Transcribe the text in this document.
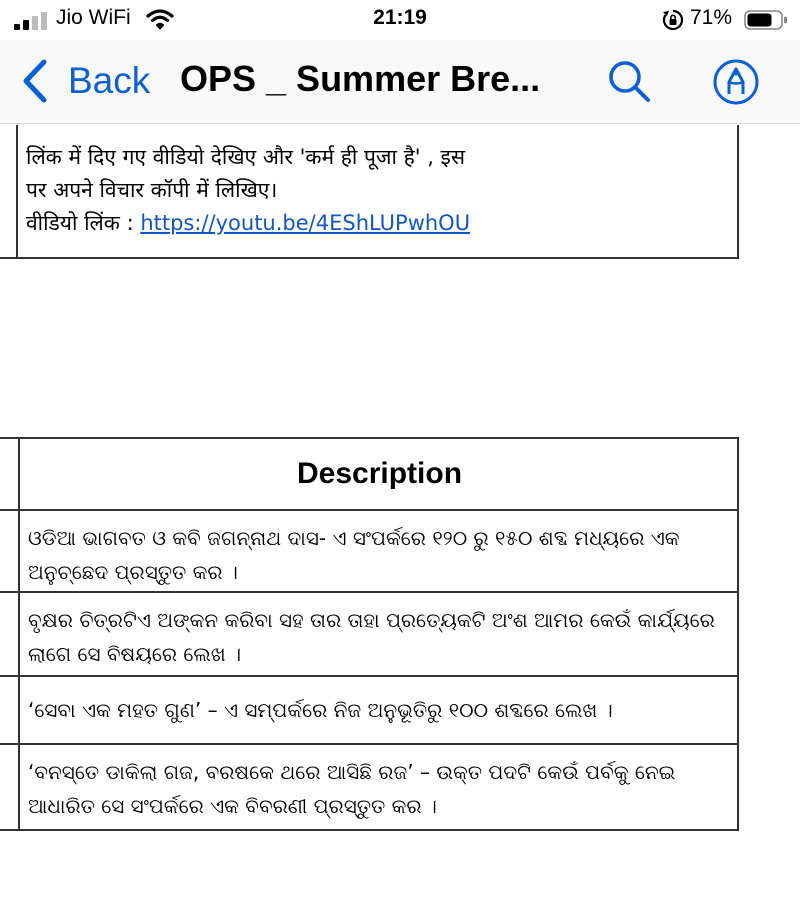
Jio WiFi	21:19	71%
Back OPS _ Summer Bre...
लिंक में दिए गए वीडियो देखिए और 'कर्म ही पूजा है' , इस
पर अपने विचार कॉपी में लिखिए।
वीडियो लिंक : https://youtu.be/4EShLUPwhOU
Description
ଓଡିଆ ଭାଗବତ ଓ କବି ଜଗନ୍ନାଥ ଦାସ- ଏ ସଂପର୍କରେ ୧୨୦ ରୁ ୧୫୦ ଶବ୍ଦ ମଧ୍ୟରେ ଏକ ଅନୁଚ୍ଛେଦ ପ୍ରସ୍ତୁତ କର ।
ବୃକ୍ଷର ଚିତ୍ରଟିଏ ଅଙ୍କନ କରିବା ସହ ତାର ତାହା ପ୍ରତ୍ୟେକଟି ଅଂଶ ଆମର କେଉଁ କାର୍ଯ୍ୟରେ ଲାଗେ ସେ ବିଷୟରେ ଲେଖ ।
‘ସେବା ଏକ ମହତ ଗୁଣ’ – ଏ ସମ୍ପର୍କରେ ନିଜ ଅନୁଭୂତିରୁ ୧୦୦ ଶବ୍ଦରେ ଲେଖ ।
‘ବନସ୍ତେ ଡାକିଲା ଗଜ, ବରଷକେ ଥରେ ଆସିଛି ରଜ’ – ଉକ୍ତ ପଦଟି କେଉଁ ପର୍ବକୁ ନେଇ ଆଧାରିତ ସେ ସଂପର୍କରେ ଏକ ବିବରଣୀ ପ୍ରସ୍ତୁତ କର ।
